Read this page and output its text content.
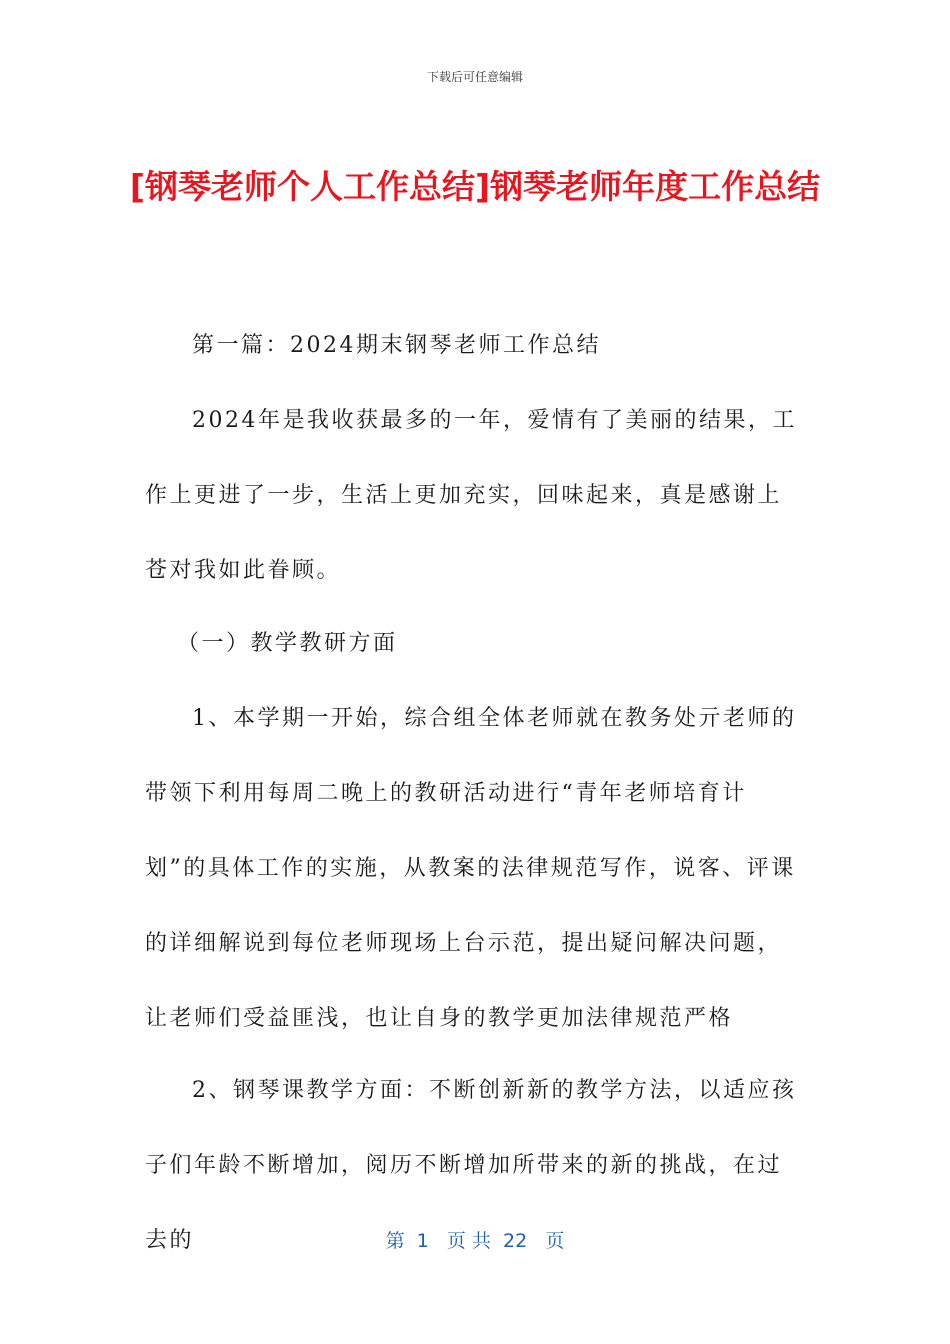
下载后可任意编辑
[钢琴老师个人工作总结]钢琴老师年度工作总结

第一篇：2024期末钢琴老师工作总结

2024年是我收获最多的一年，爱情有了美丽的结果，工作上更进了一步，生活上更加充实，回味起来，真是感谢上苍对我如此眷顾。

（一）教学教研方面

1、本学期一开始，综合组全体老师就在教务处亓老师的带领下利用每周二晚上的教研活动进行“青年老师培育计划”的具体工作的实施，从教案的法律规范写作，说客、评课的详细解说到每位老师现场上台示范，提出疑问解决问题，让老师们受益匪浅，也让自身的教学更加法律规范严格

2、钢琴课教学方面：不断创新新的教学方法，以适应孩子们年龄不断增加，阅历不断增加所带来的新的挑战，在过去的	第  1   页 共  22   页
